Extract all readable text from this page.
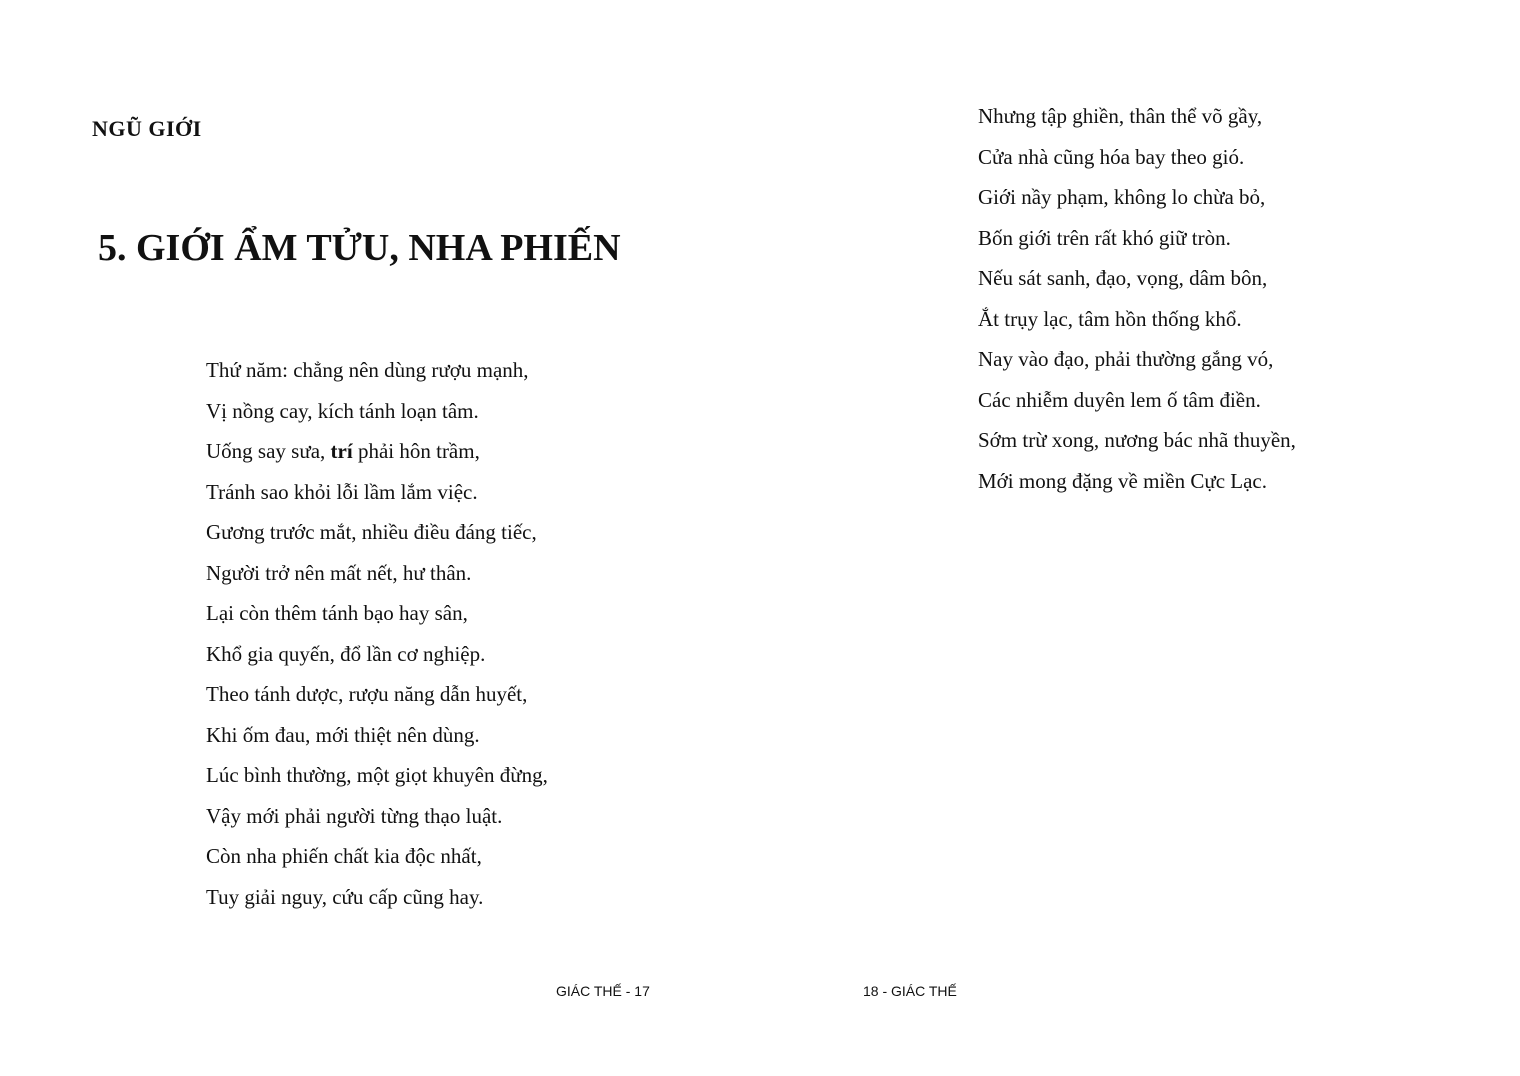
NGŨ GIỚI
5. GIỚI ẨM TỬU, NHA PHIẾN
Thứ năm: chẳng nên dùng rượu mạnh,
Vị nồng cay, kích tánh loạn tâm.
Uống say sưa, trí phải hôn trầm,
Tránh sao khỏi lỗi lầm lắm việc.
Gương trước mắt, nhiều điều đáng tiếc,
Người trở nên mất nết, hư thân.
Lại còn thêm tánh bạo hay sân,
Khổ gia quyến, đổ lần cơ nghiệp.
Theo tánh dược, rượu năng dẫn huyết,
Khi ốm đau, mới thiệt nên dùng.
Lúc bình thường, một giọt khuyên đừng,
Vậy mới phải người từng thạo luật.
Còn nha phiến chất kia độc nhất,
Tuy giải nguy, cứu cấp cũng hay.
GIÁC THẾ - 17
Nhưng tập ghiền, thân thể võ gầy,
Cửa nhà cũng hóa bay theo gió.
Giới nầy phạm, không lo chừa bỏ,
Bốn giới trên rất khó giữ tròn.
Nếu sát sanh, đạo, vọng, dâm bôn,
Ắt trụy lạc, tâm hồn thống khổ.
Nay vào đạo, phải thường gắng vó,
Các nhiễm duyên lem ố tâm điền.
Sớm trừ xong, nương bác nhã thuyền,
Mới mong đặng về miền Cực Lạc.
18 - GIÁC THẾ
